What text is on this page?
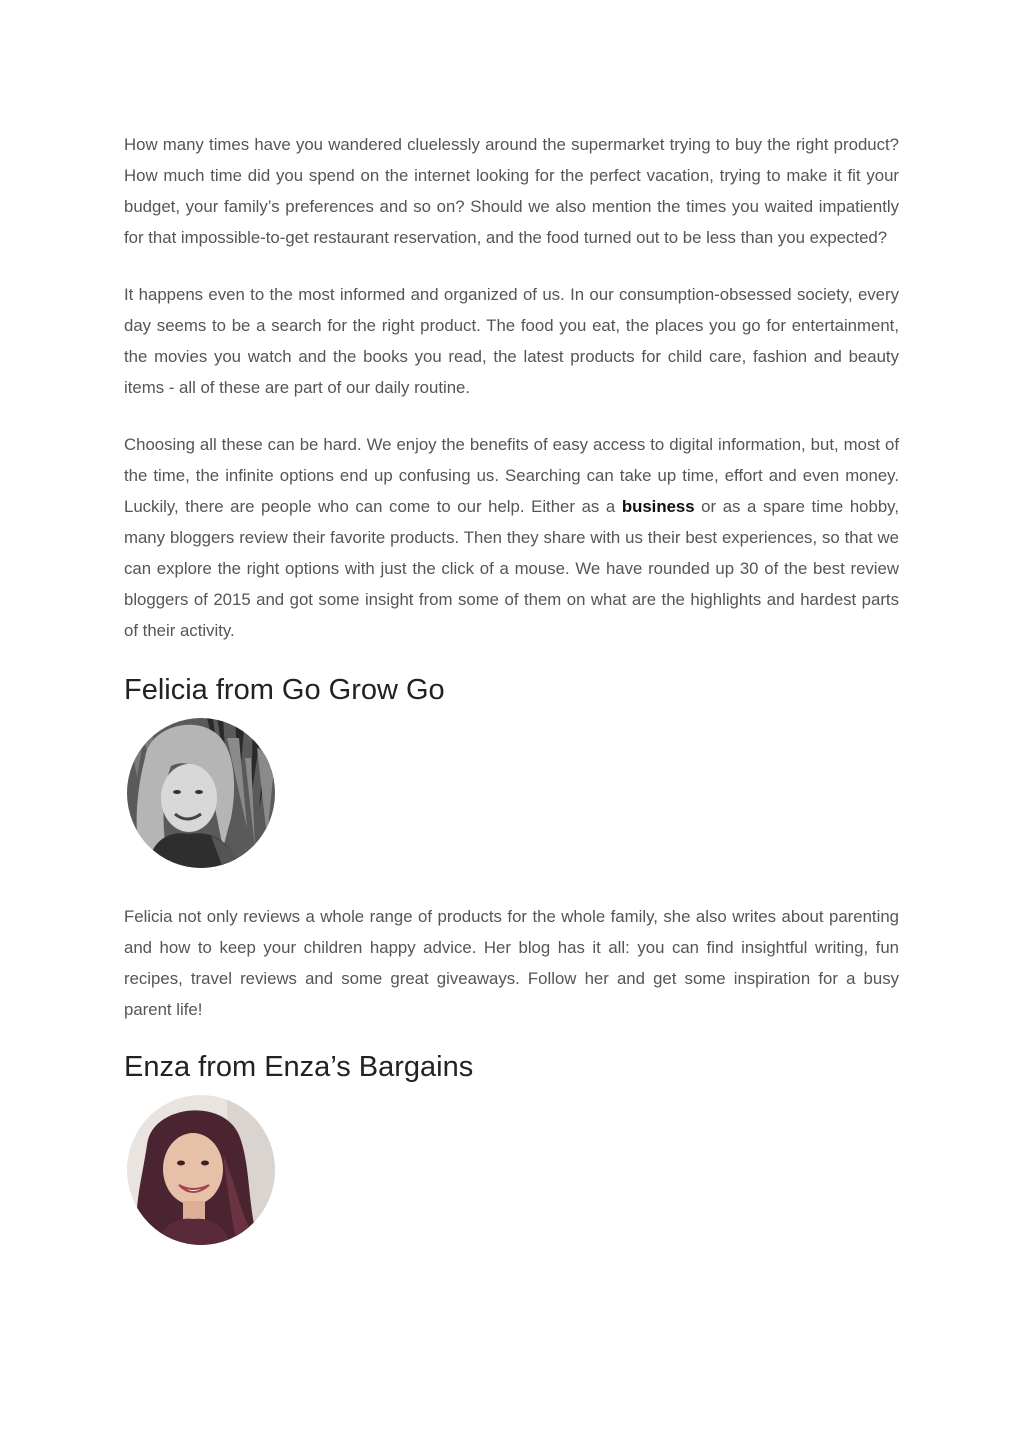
How many times have you wandered cluelessly around the supermarket trying to buy the right product? How much time did you spend on the internet looking for the perfect vacation, trying to make it fit your budget, your family’s preferences and so on? Should we also mention the times you waited impatiently for that impossible-to-get restaurant reservation, and the food turned out to be less than you expected?

It happens even to the most informed and organized of us. In our consumption-obsessed society, every day seems to be a search for the right product. The food you eat, the places you go for entertainment, the movies you watch and the books you read, the latest products for child care, fashion and beauty items - all of these are part of our daily routine.

Choosing all these can be hard. We enjoy the benefits of easy access to digital information, but, most of the time, the infinite options end up confusing us. Searching can take up time, effort and even money. Luckily, there are people who can come to our help. Either as a business or as a spare time hobby, many bloggers review their favorite products. Then they share with us their best experiences, so that we can explore the right options with just the click of a mouse. We have rounded up 30 of the best review bloggers of 2015 and got some insight from some of them on what are the highlights and hardest parts of their activity.

Felicia from Go Grow Go

Felicia not only reviews a whole range of products for the whole family, she also writes about parenting and how to keep your children happy advice. Her blog has it all: you can find insightful writing, fun recipes, travel reviews and some great giveaways. Follow her and get some inspiration for a busy parent life!

Enza from Enza’s Bargains
